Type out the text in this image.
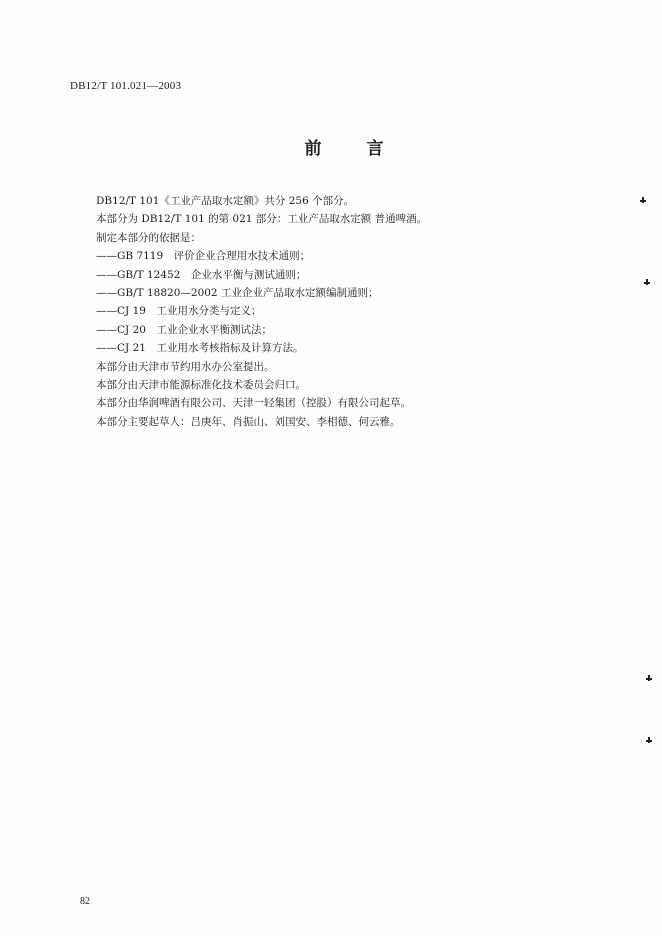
DB12/T 101.021—2003
前　言
DB12/T 101《工业产品取水定额》共分 256 个部分。
本部分为 DB12/T 101 的第 021 部分：工业产品取水定额 普通啤酒。
制定本部分的依据是：
——GB 7119　评价企业合理用水技术通则；
——GB/T 12452　企业水平衡与测试通则；
——GB/T 18820—2002 工业企业产品取水定额编制通则；
——CJ 19　工业用水分类与定义；
——CJ 20　工业企业水平衡测试法；
——CJ 21　工业用水考核指标及计算方法。
本部分由天津市节约用水办公室提出。
本部分由天津市能源标准化技术委员会归口。
本部分由华润啤酒有限公司、天津一轻集团（控股）有限公司起草。
本部分主要起草人：吕庚年、肖振山、刘国安、李相德、何云雅。
82
